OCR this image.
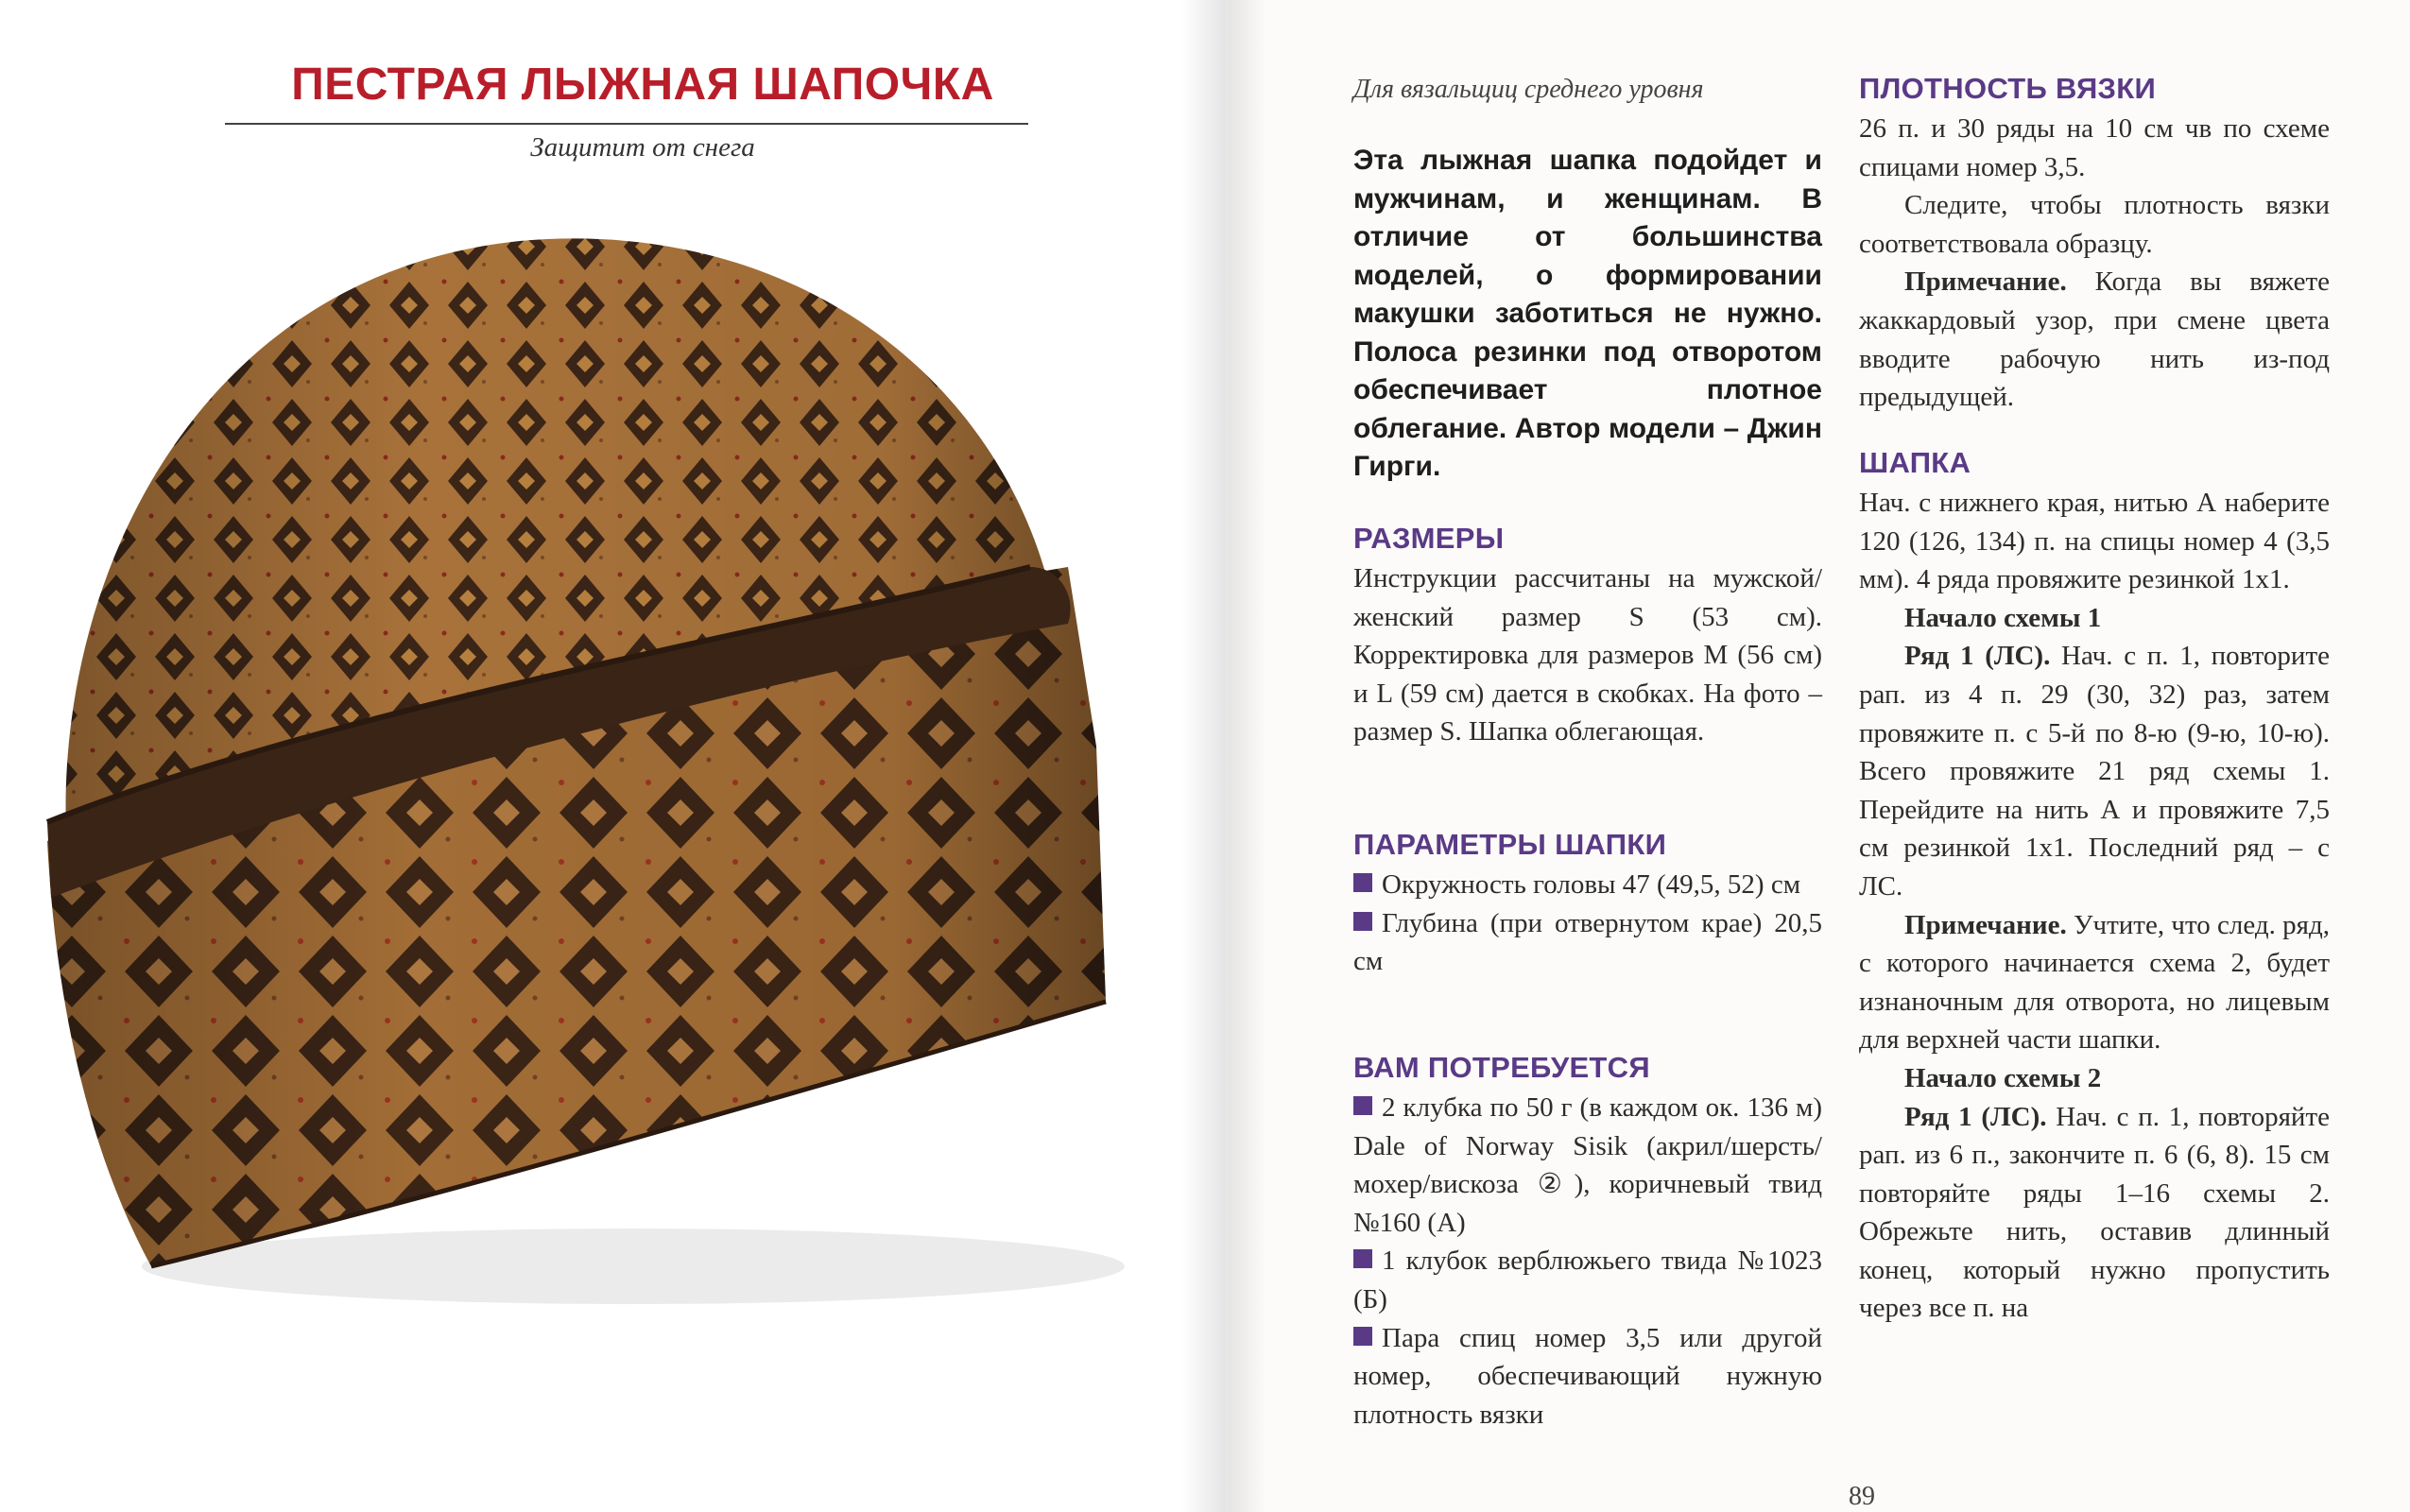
ПЕСТРАЯ ЛЫЖНАЯ ШАПОЧКА
Защитит от снега
Для вязальщиц среднего уровня

Эта лыжная шапка подойдет и мужчинам, и женщинам. В отличие от большинства моделей, о формировании макушки заботиться не нужно. Полоса резинки под отворотом обеспечивает плотное облегание. Автор модели – Джин Гирги.

РАЗМЕРЫ

Инструкции рассчитаны на мужской/женский размер S (53 см). Корректировка для размеров M (56 см) и L (59 см) дается в скобках. На фото – размер S. Шапка облегающая.

ПАРАМЕТРЫ ШАПКИ

Окружность головы 47 (49,5, 52) см

Глубина (при отвернутом крае) 20,5 см

ВАМ ПОТРЕБУЕТСЯ

2 клубка по 50 г (в каждом ок. 136 м) Dale of Norway Sisik (акрил/шерсть/мохер/вискоза ②), коричневый твид №160 (А)

1 клубок верблюжьего твида №1023 (Б)

Пара спиц номер 3,5 или другой номер, обеспечивающий нужную плотность вязки

ПЛОТНОСТЬ ВЯЗКИ

26 п. и 30 ряды на 10 см чв по схеме спицами номер 3,5.

Следите, чтобы плотность вязки соответствовала образцу.

Примечание. Когда вы вяжете жаккардовый узор, при смене цвета вводите рабочую нить из-под предыдущей.

ШАПКА

Нач. с нижнего края, нитью А наберите 120 (126, 134) п. на спицы номер 4 (3,5 мм). 4 ряда провяжите резинкой 1х1.

Начало схемы 1

Ряд 1 (ЛС). Нач. с п. 1, повторите рап. из 4 п. 29 (30, 32) раз, затем провяжите п. с 5-й по 8-ю (9-ю, 10-ю). Всего провяжите 21 ряд схемы 1. Перейдите на нить А и провяжите 7,5 см резинкой 1х1. Последний ряд – с ЛС.

Примечание. Учтите, что след. ряд, с которого начинается схема 2, будет изнаночным для отворота, но лицевым для верхней части шапки.

Начало схемы 2

Ряд 1 (ЛС). Нач. с п. 1, повторяйте рап. из 6 п., закончите п. 6 (6, 8). 15 см повторяйте ряды 1–16 схемы 2. Обрежьте нить, оставив длинный конец, который нужно пропустить через все п. на

89
